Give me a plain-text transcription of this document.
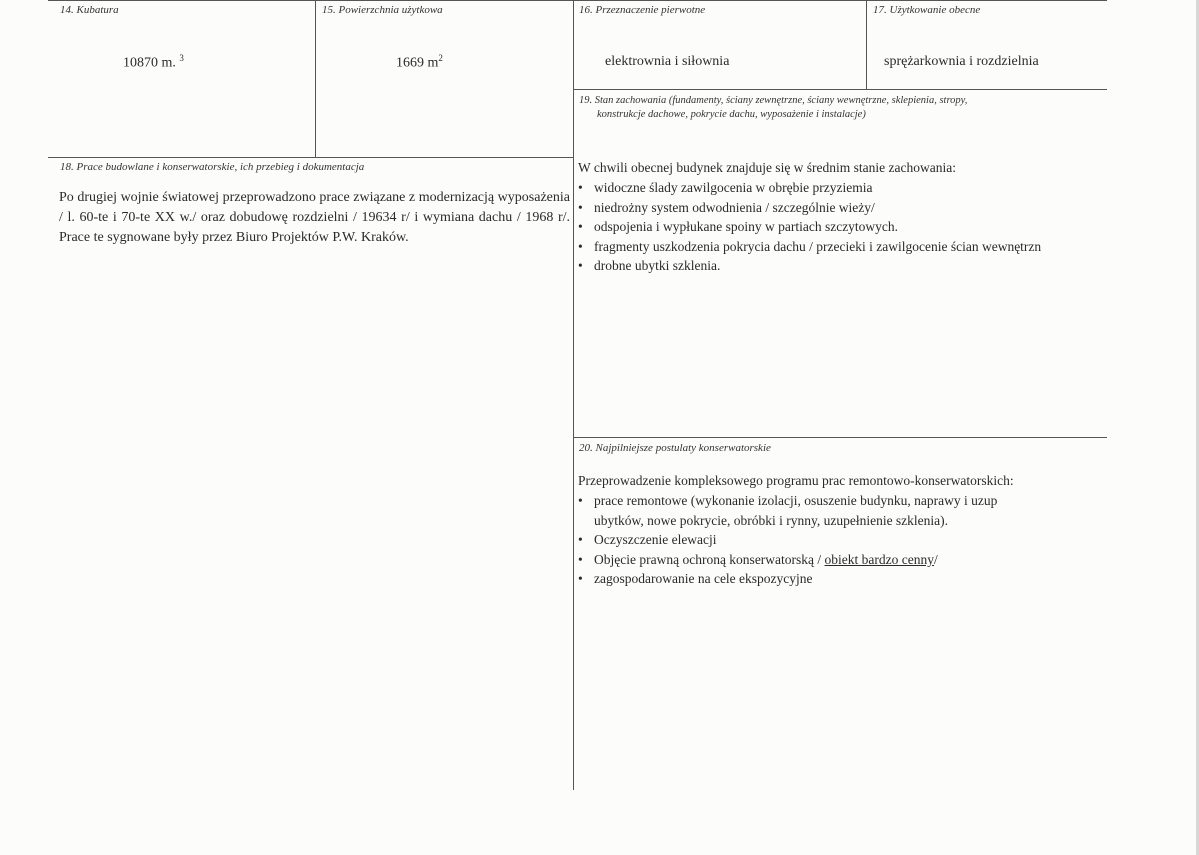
14. Kubatura
10870 m. $^3$
15. Powierzchnia użytkowa
1669 $m^2$
16. Przeznaczenie pierwotne
elektrownia i siłownia
17. Użytkowanie obecne
sprężarkownia i rozdzielnia
19. Stan zachowania (fundamenty, ściany zewnętrzne, ściany wewnętrzne, sklepienia, stropy,
konstrukcje dachowe, pokrycie dachu, wyposażenie i instalacje)
18. Prace budowlane i konserwatorskie, ich przebieg i dokumentacja
Po drugiej wojnie światowej przeprowadzono prace związane z modernizacją wyposażenia / l. 60-te i 70-te XX w./ oraz dobudowę rozdzielni / 19634 r/ i wymiana dachu / 1968 r/. Prace te sygnowane były przez Biuro Projektów P.W. Kraków.
W chwili obecnej budynek znajduje się w średnim stanie zachowania:
• widoczne ślady zawilgocenia w obrębie przyziemia
• niedrożny system odwodnienia / szczególnie wieży/
• odspojenia i wypłukane spoiny w partiach szczytowych.
• fragmenty uszkodzenia pokrycia dachu / przecieki i zawilgocenie ścian wewnętrzn
• drobne ubytki szklenia.
20. Najpilniejsze postulaty konserwatorskie
Przeprowadzenie kompleksowego programu prac remontowo-konserwatorskich:
• prace remontowe (wykonanie izolacji, osuszenie budynku, naprawy i uzup
ubytków, nowe pokrycie, obróbki i rynny, uzupełnienie szklenia).
• Oczyszczenie elewacji
• Objęcie prawną ochroną konserwatorską / obiekt bardzo cenny/
• zagospodarowanie na cele ekspozycyjne
